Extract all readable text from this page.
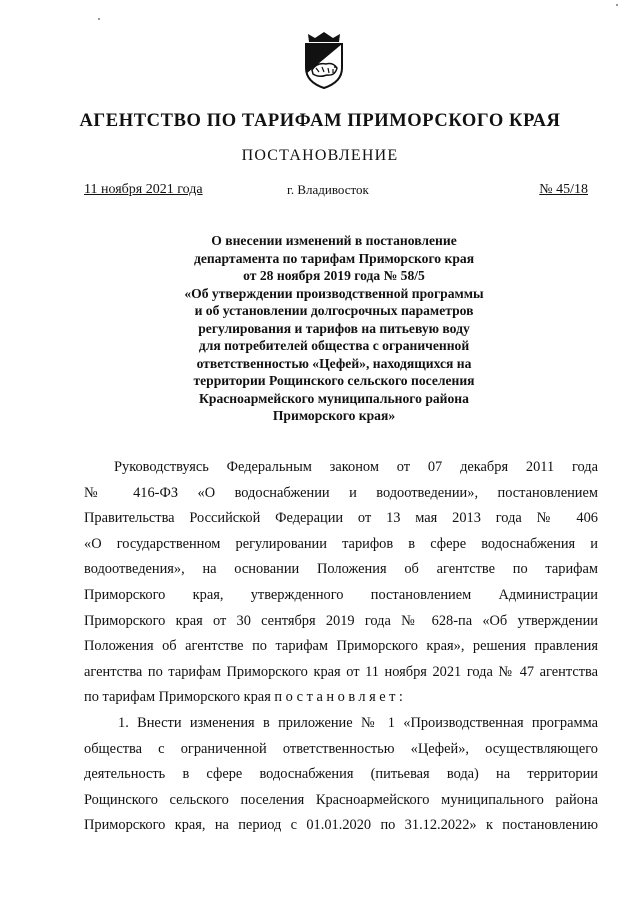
АГЕНТСТВО ПО ТАРИФАМ ПРИМОРСКОГО КРАЯ
ПОСТАНОВЛЕНИЕ
11 ноября 2021 года	г. Владивосток	№ 45/18
О внесении изменений в постановление
департамента по тарифам Приморского края
от 28 ноября 2019 года № 58/5
«Об утверждении производственной программы
и об установлении долгосрочных параметров
регулирования и тарифов на питьевую воду
для потребителей общества с ограниченной
ответственностью «Цефей», находящихся на
территории Рощинского сельского поселения
Красноармейского муниципального района
Приморского края»
Руководствуясь Федеральным законом от 07 декабря 2011 года
№ 416-ФЗ «О водоснабжении и водоотведении», постановлением
Правительства Российской Федерации от 13 мая 2013 года № 406
«О государственном регулировании тарифов в сфере водоснабжения и
водоотведения», на основании Положения об агентстве по тарифам
Приморского края, утвержденного постановлением Администрации
Приморского края от 30 сентября 2019 года № 628-па «Об утверждении
Положения об агентстве по тарифам Приморского края», решения правления
агентства по тарифам Приморского края от 11 ноября 2021 года № 47 агентства
по тарифам Приморского края постановляет:
1. Внести изменения в приложение № 1 «Производственная программа
общества с ограниченной ответственностью «Цефей», осуществляющего
деятельность в сфере водоснабжения (питьевая вода) на территории
Рощинского сельского поселения Красноармейского муниципального района
Приморского края, на период с 01.01.2020 по 31.12.2022» к постановлению
